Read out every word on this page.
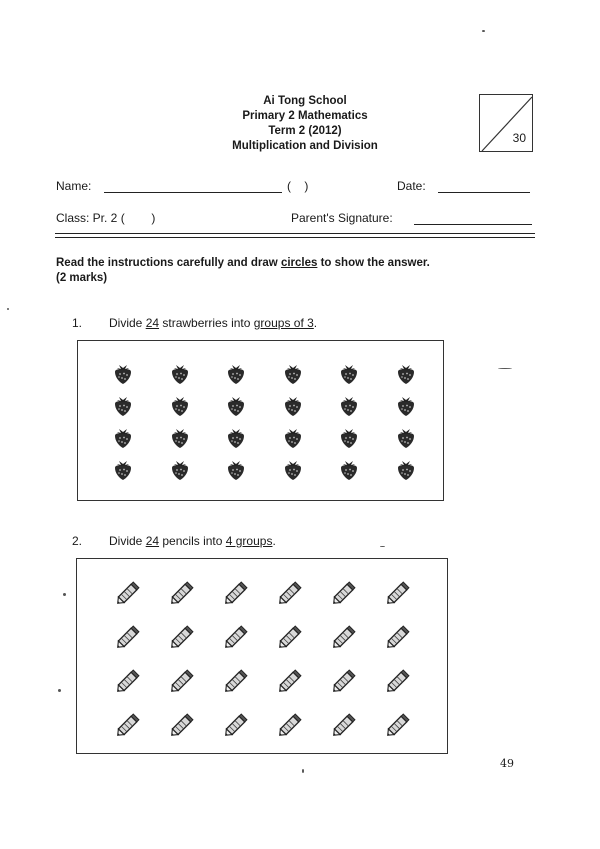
Ai Tong School
Primary 2 Mathematics
Term 2 (2012)
Multiplication and Division
30
Name:	(    )	Date:
Class: Pr. 2 (        )	Parent's Signature:
Read the instructions carefully and draw circles to show the answer.
(2 marks)
1. Divide 24 strawberries into groups of 3.
2. Divide 24 pencils into 4 groups.
49
